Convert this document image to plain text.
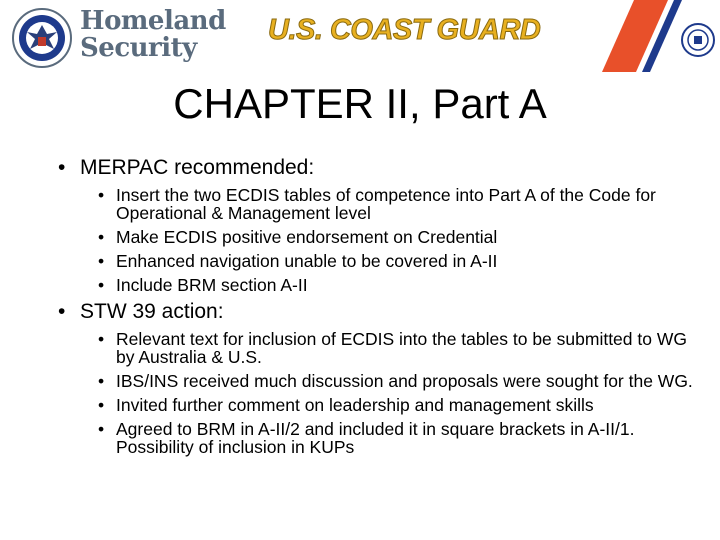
Homeland
Security
U.S. COAST GUARD
CHAPTER II, Part A
• MERPAC recommended:
• Insert the two ECDIS tables of competence into Part A of the Code for Operational & Management level
• Make ECDIS positive endorsement on Credential
• Enhanced navigation unable to be covered in A-II
• Include BRM section A-II
• STW 39 action:
• Relevant text for inclusion of ECDIS into the tables to be submitted to WG by Australia & U.S.
• IBS/INS received much discussion and proposals were sought for the WG.
• Invited further comment on leadership and management skills
• Agreed to BRM in A-II/2 and included it in square brackets in A-II/1. Possibility of inclusion in KUPs
